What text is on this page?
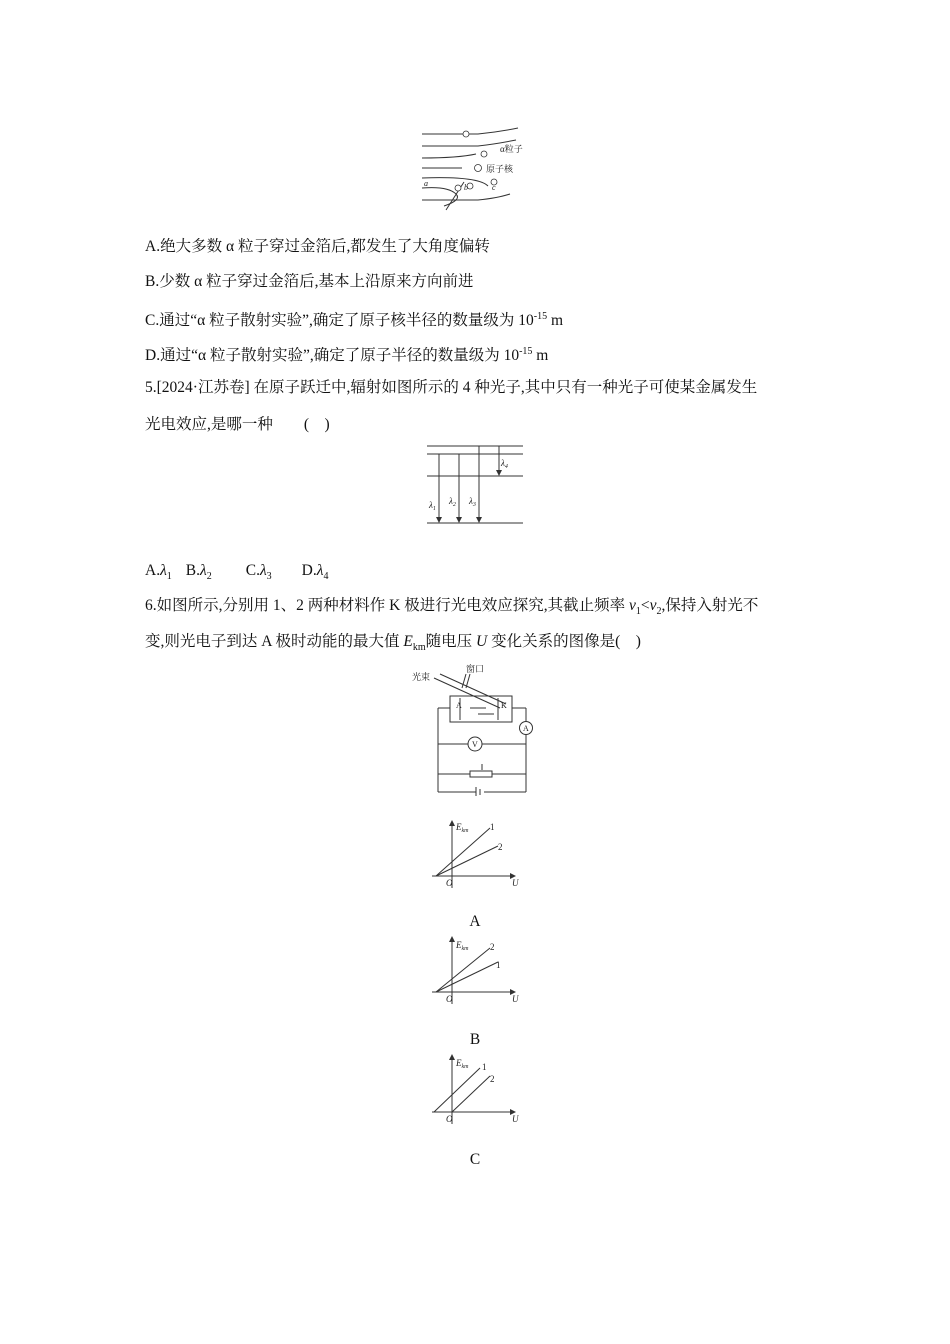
α粒子
原子核
a	b	c
A.绝大多数 α 粒子穿过金箔后,都发生了大角度偏转
B.少数 α 粒子穿过金箔后,基本上沿原来方向前进
C.通过“α 粒子散射实验”,确定了原子核半径的数量级为 $10^{-15}$ m
D.通过“α 粒子散射实验”,确定了原子半径的数量级为 $10^{-15}$ m
5.[2024·江苏卷] 在原子跃迁中,辐射如图所示的 4 种光子,其中只有一种光子可使某金属发生
光电效应,是哪一种　　(　)
$\lambda_1$
$\lambda_2$ $\lambda_3$
$\lambda_4$
$A.\lambda_1$ $B.\lambda_2$ $C.\lambda_3$ $D.\lambda_4$
6.如图所示,分别用 1、2 两种材料作 K 极进行光电效应探究,其截止频率 $\nu_1<\nu_2$,保持入射光不
变,则光电子到达 A 极时动能的最大值 $E_{km}$随电压 U 变化关系的图像是(　)
光束
窗口
A	K
V
A
$E_{km}$
O	U
1
2
A
$E_{km}$
O	U
2
1
B
$E_{km}$
O	U
1
2
C
